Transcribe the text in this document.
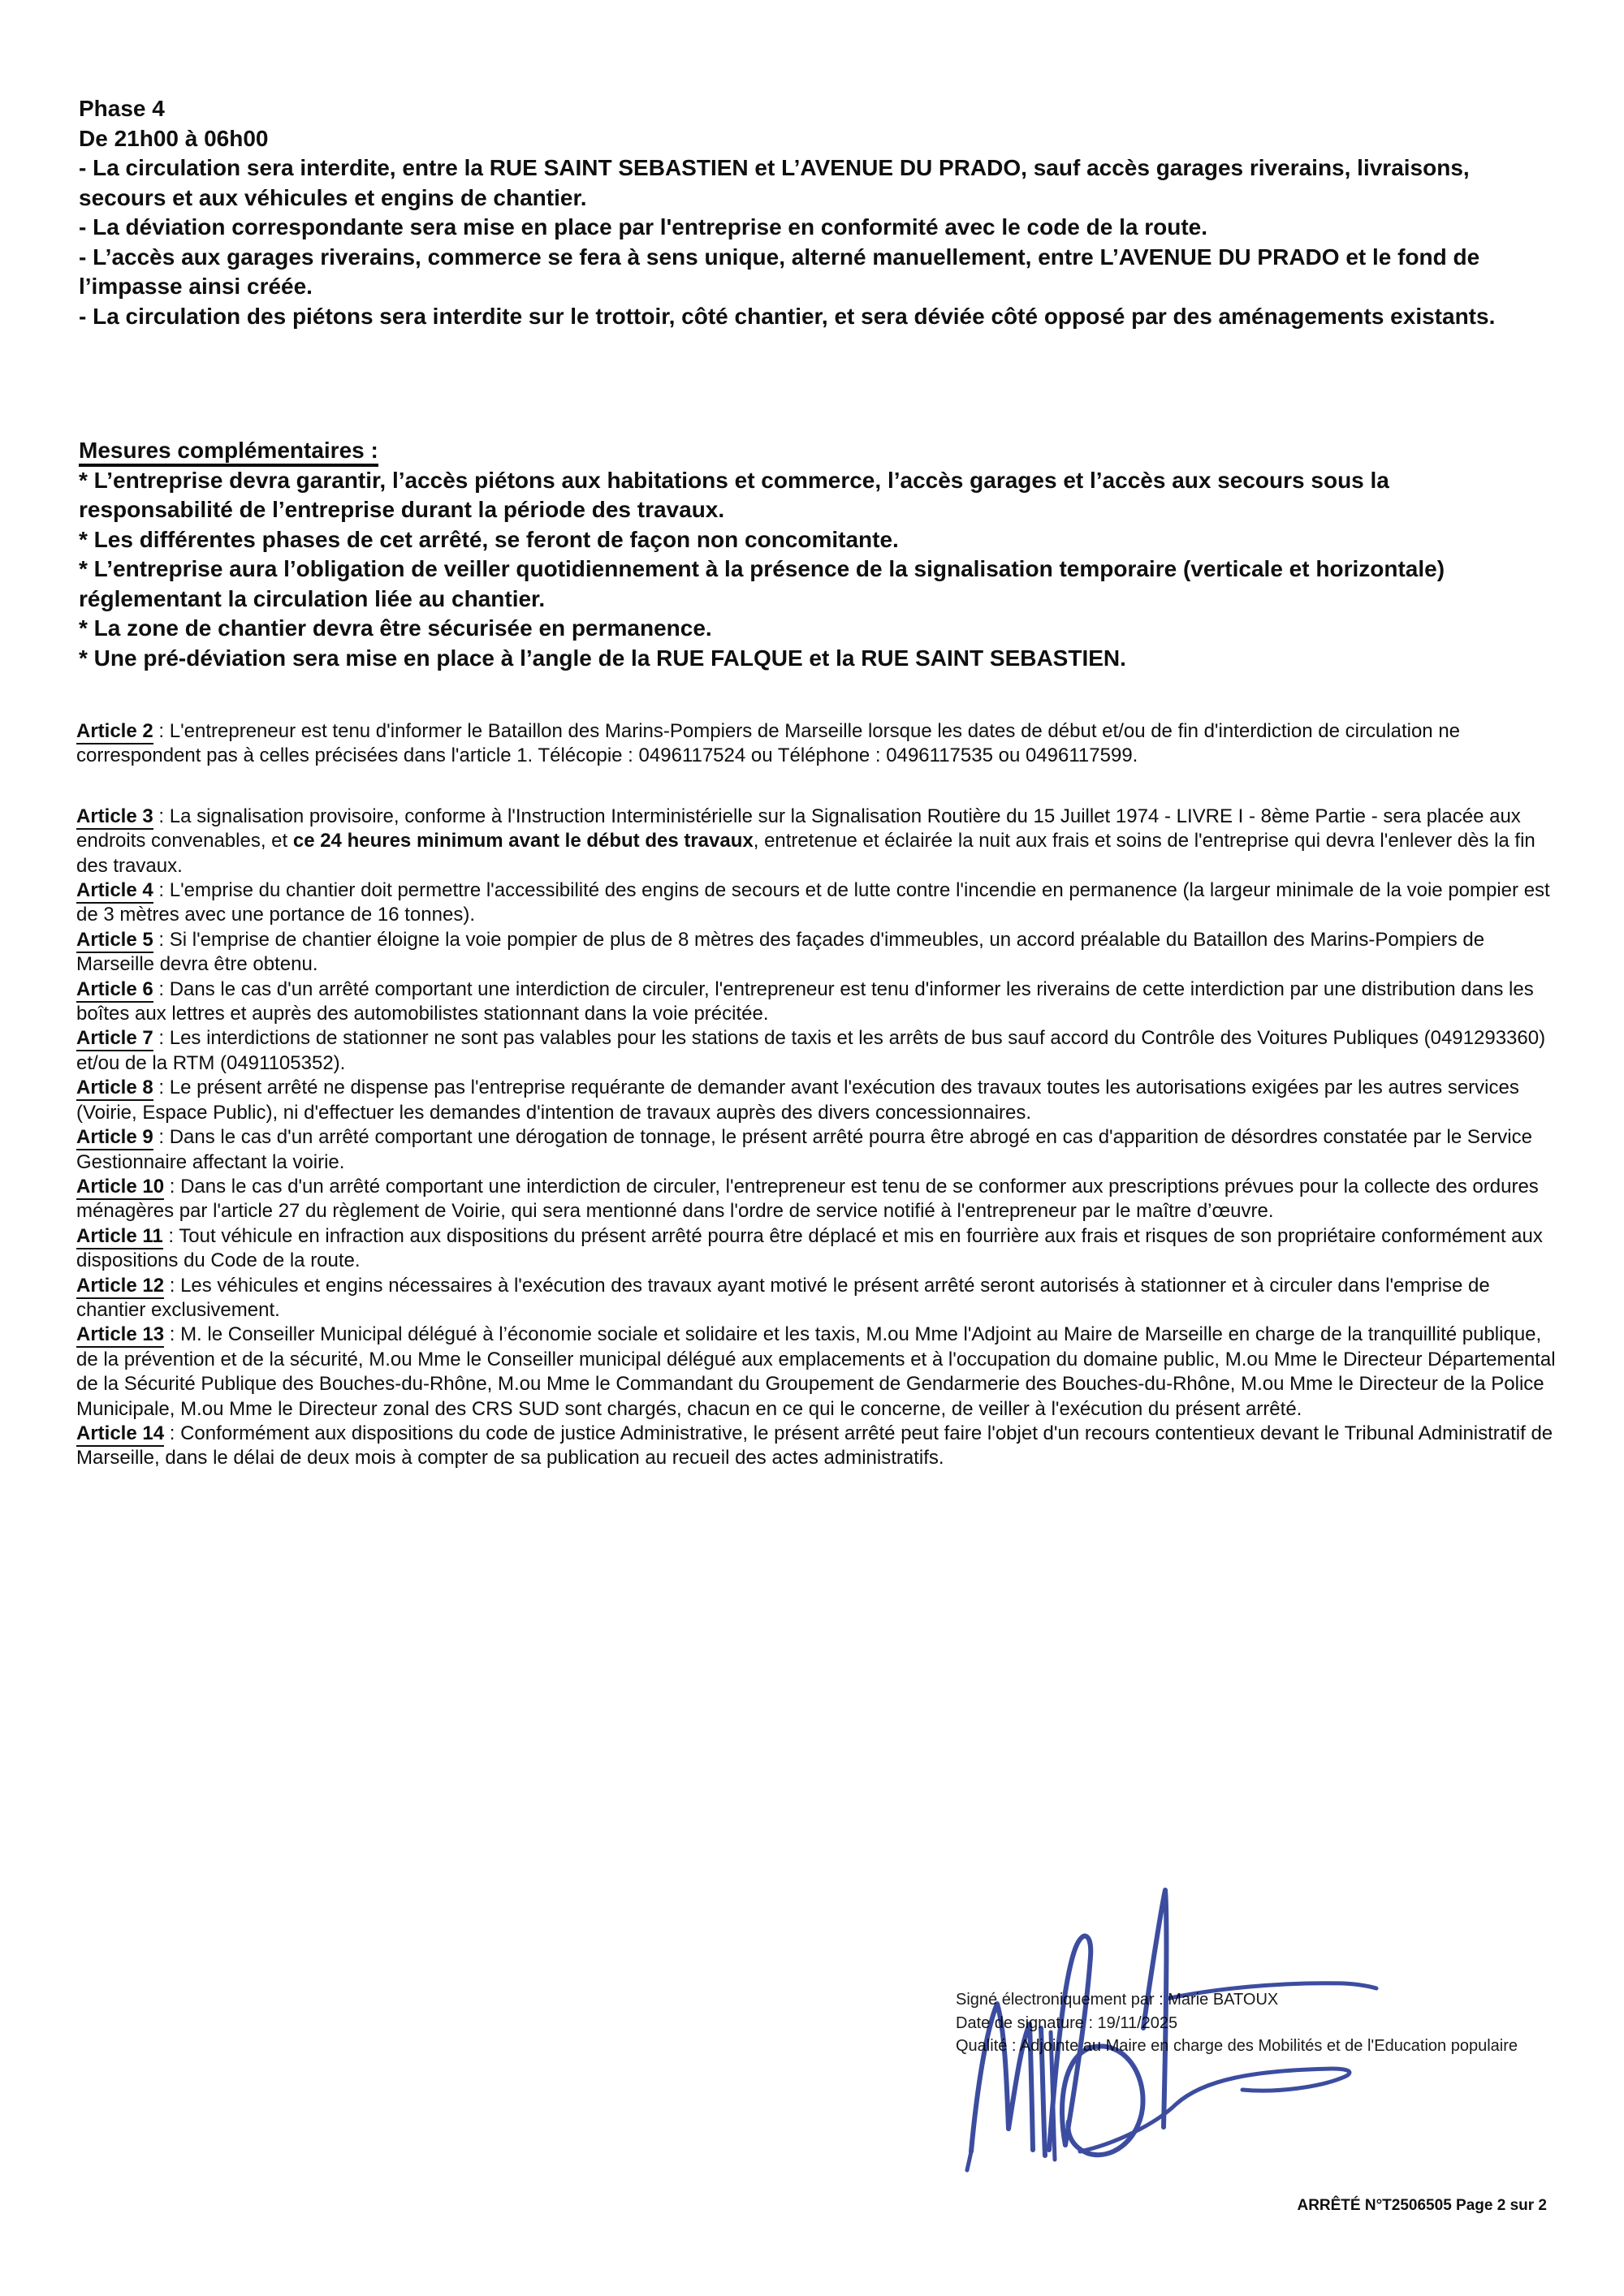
Phase 4

De 21h00 à 06h00

- La circulation sera interdite, entre la RUE SAINT SEBASTIEN et L’AVENUE DU PRADO, sauf accès garages riverains, livraisons, secours et aux véhicules et engins de chantier.

- La déviation correspondante sera mise en place par l'entreprise en conformité avec le code de la route.

- L’accès aux garages riverains, commerce se fera à sens unique, alterné manuellement, entre L’AVENUE DU PRADO et le fond de l’impasse ainsi créée.

- La circulation des piétons sera interdite sur le trottoir, côté chantier, et sera déviée côté opposé par des aménagements existants.

Mesures complémentaires :

* L’entreprise devra garantir, l’accès piétons aux habitations et commerce, l’accès garages et l’accès aux secours sous la responsabilité de l’entreprise durant la période des travaux.

* Les différentes phases de cet arrêté, se feront de façon non concomitante.

* L’entreprise aura l’obligation de veiller quotidiennement à la présence de la signalisation temporaire (verticale et horizontale) réglementant la circulation liée au chantier.

* La zone de chantier devra être sécurisée en permanence.

* Une pré-déviation sera mise en place à l’angle de la RUE FALQUE et la RUE SAINT SEBASTIEN.

Article 2 : L'entrepreneur est tenu d'informer le Bataillon des Marins-Pompiers de Marseille lorsque les dates de début et/ou de fin d'interdiction de circulation ne correspondent pas à celles précisées dans l'article 1. Télécopie : 0496117524 ou Téléphone : 0496117535 ou 0496117599.

Article 3 : La signalisation provisoire, conforme à l'Instruction Interministérielle sur la Signalisation Routière du 15 Juillet 1974 - LIVRE I - 8ème Partie - sera placée aux endroits convenables, et ce 24 heures minimum avant le début des travaux, entretenue et éclairée la nuit aux frais et soins de l'entreprise qui devra l'enlever dès la fin des travaux.

Article 4 : L'emprise du chantier doit permettre l'accessibilité des engins de secours et de lutte contre l'incendie en permanence (la largeur minimale de la voie pompier est de 3 mètres avec une portance de 16 tonnes).

Article 5 : Si l'emprise de chantier éloigne la voie pompier de plus de 8 mètres des façades d'immeubles, un accord préalable du Bataillon des Marins-Pompiers de Marseille devra être obtenu.

Article 6 : Dans le cas d'un arrêté comportant une interdiction de circuler, l'entrepreneur est tenu d'informer les riverains de cette interdiction par une distribution dans les boîtes aux lettres et auprès des automobilistes stationnant dans la voie précitée.

Article 7 : Les interdictions de stationner ne sont pas valables pour les stations de taxis et les arrêts de bus sauf accord du Contrôle des Voitures Publiques (0491293360) et/ou de la RTM (0491105352).

Article 8 : Le présent arrêté ne dispense pas l'entreprise requérante de demander avant l'exécution des travaux toutes les autorisations exigées par les autres services (Voirie, Espace Public), ni d'effectuer les demandes d'intention de travaux auprès des divers concessionnaires.

Article 9 : Dans le cas d'un arrêté comportant une dérogation de tonnage, le présent arrêté pourra être abrogé en cas d'apparition de désordres constatée par le Service Gestionnaire affectant la voirie.

Article 10 : Dans le cas d'un arrêté comportant une interdiction de circuler, l'entrepreneur est tenu de se conformer aux prescriptions prévues pour la collecte des ordures ménagères par l'article 27 du règlement de Voirie, qui sera mentionné dans l'ordre de service notifié à l'entrepreneur par le maître d’œuvre.

Article 11 : Tout véhicule en infraction aux dispositions du présent arrêté pourra être déplacé et mis en fourrière aux frais et risques de son propriétaire conformément aux dispositions du Code de la route.

Article 12 : Les véhicules et engins nécessaires à l'exécution des travaux ayant motivé le présent arrêté seront autorisés à stationner et à circuler dans l'emprise de chantier exclusivement.

Article 13 : M. le Conseiller Municipal délégué à l’économie sociale et solidaire et les taxis, M.ou Mme l'Adjoint au Maire de Marseille en charge de la tranquillité publique, de la prévention et de la sécurité, M.ou Mme le Conseiller municipal délégué aux emplacements et à l'occupation du domaine public, M.ou Mme le Directeur Départemental de la Sécurité Publique des Bouches-du-Rhône, M.ou Mme le Commandant du Groupement de Gendarmerie des Bouches-du-Rhône, M.ou Mme le Directeur de la Police Municipale, M.ou Mme le Directeur zonal des CRS SUD sont chargés, chacun en ce qui le concerne, de veiller à l'exécution du présent arrêté.

Article 14 : Conformément aux dispositions du code de justice Administrative, le présent arrêté peut faire l'objet d'un recours contentieux devant le Tribunal Administratif de Marseille, dans le délai de deux mois à compter de sa publication au recueil des actes administratifs.

Signé électroniquement par : Marie BATOUX

Date de signature : 19/11/2025

Qualité : Adjointe au Maire en charge des Mobilités et de l'Education populaire

ARRÊTÉ N°T2506505 Page 2 sur 2
